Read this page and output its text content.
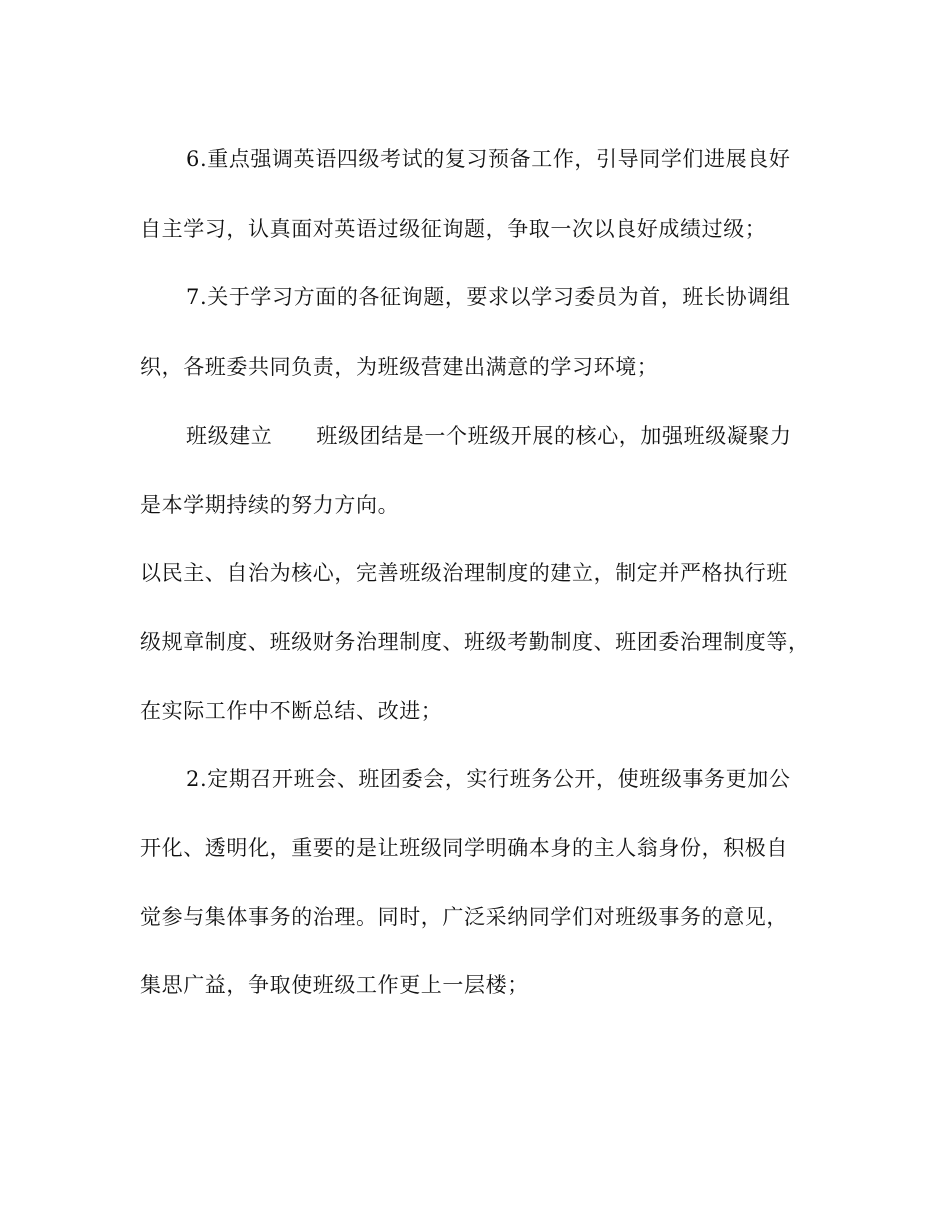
6.重点强调英语四级考试的复习预备工作，引导同学们进展良好

自主学习，认真面对英语过级征询题，争取一次以良好成绩过级；

7.关于学习方面的各征询题，要求以学习委员为首，班长协调组

织，各班委共同负责，为班级营建出满意的学习环境；

班级建立 班级团结是一个班级开展的核心，加强班级凝聚力

是本学期持续的努力方向。

以民主、自治为核心，完善班级治理制度的建立，制定并严格执行班

级规章制度、班级财务治理制度、班级考勤制度、班团委治理制度等，

在实际工作中不断总结、改进；

2.定期召开班会、班团委会，实行班务公开，使班级事务更加公

开化、透明化，重要的是让班级同学明确本身的主人翁身份，积极自

觉参与集体事务的治理。同时，广泛采纳同学们对班级事务的意见，

集思广益，争取使班级工作更上一层楼；
